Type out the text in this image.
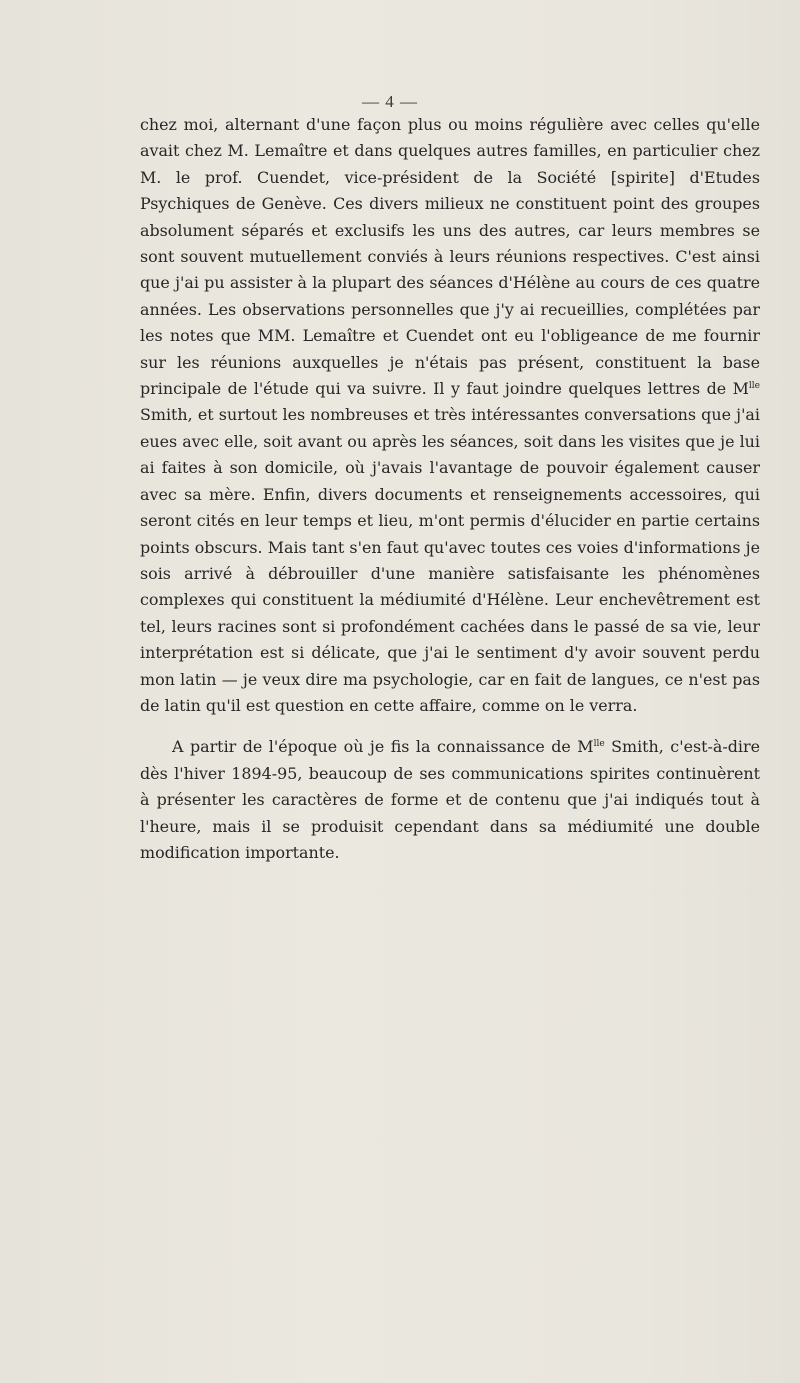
— 4 —

chez moi, alternant d'une façon plus ou moins régulière avec celles qu'elle avait chez M. Lemaître et dans quelques autres familles, en particulier chez M. le prof. Cuendet, vice-président de la Société [spirite] d'Etudes Psychiques de Genève. Ces divers milieux ne constituent point des groupes absolument séparés et exclusifs les uns des autres, car leurs membres se sont souvent mutuellement conviés à leurs réunions respectives. C'est ainsi que j'ai pu assister à la plupart des séances d'Hélène au cours de ces quatre années. Les observations personnelles que j'y ai recueillies, complétées par les notes que MM. Lemaître et Cuendet ont eu l'obligeance de me fournir sur les réunions auxquelles je n'étais pas présent, constituent la base principale de l'étude qui va suivre. Il y faut joindre quelques lettres de $M^{lle}$ Smith, et surtout les nombreuses et très intéressantes conversations que j'ai eues avec elle, soit avant ou après les séances, soit dans les visites que je lui ai faites à son domicile, où j'avais l'avantage de pouvoir également causer avec sa mère. Enfin, divers documents et renseignements accessoires, qui seront cités en leur temps et lieu, m'ont permis d'élucider en partie certains points obscurs. Mais tant s'en faut qu'avec toutes ces voies d'informations je sois arrivé à débrouiller d'une manière satisfaisante les phénomènes complexes qui constituent la médiumité d'Hélène. Leur enchevêtrement est tel, leurs racines sont si profondément cachées dans le passé de sa vie, leur interprétation est si délicate, que j'ai le sentiment d'y avoir souvent perdu mon latin — je veux dire ma psychologie, car en fait de langues, ce n'est pas de latin qu'il est question en cette affaire, comme on le verra.

A partir de l'époque où je fis la connaissance de $M^{lle}$ Smith, c'est-à-dire dès l'hiver 1894-95, beaucoup de ses communications spirites continuèrent à présenter les caractères de forme et de contenu que j'ai indiqués tout à l'heure, mais il se produisit cependant dans sa médiumité une double modification importante.
